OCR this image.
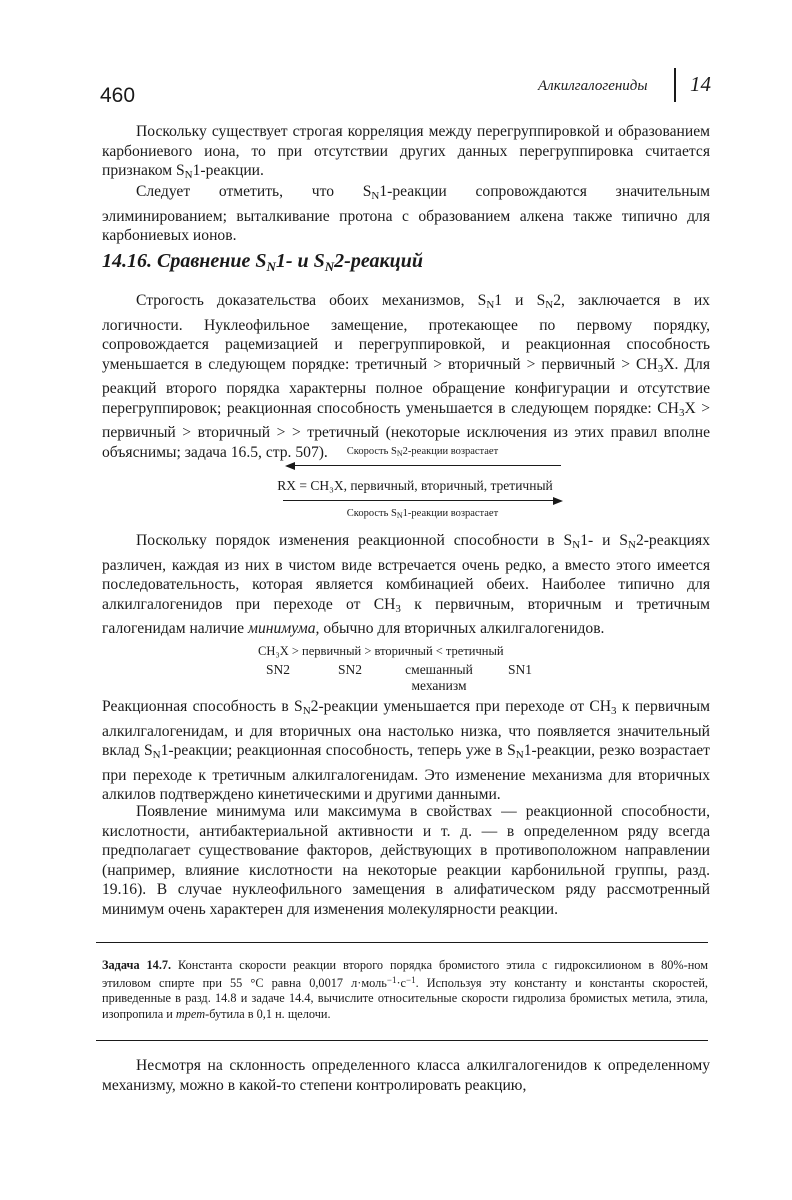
460	Алкилгалогениды 14

Поскольку существует строгая корреляция между перегруппировкой и образованием карбониевого иона, то при отсутствии других данных перегруппировка считается признаком $S_N1$-реакции.

Следует отметить, что $S_N1$-реакции сопровождаются значительным элиминированием; выталкивание протона с образованием алкена также типично для карбониевых ионов.

14.16. Сравнение $S_N1-$ и $S_N2$-реакций

Строгость доказательства обоих механизмов, $S_N1$ и $S_N2$, заключается в их логичности. Нуклеофильное замещение, протекающее по первому порядку, сопровождается рацемизацией и перегруппировкой, и реакционная способность уменьшается в следующем порядке: третичный > вторичный > первичный > $CH_3X$. Для реакций второго порядка характерны полное обращение конфигурации и отсутствие перегруппировок; реакционная способность уменьшается в следующем порядке: $CH_3X$ > первичный > вторичный > > третичный (некоторые исключения из этих правил вполне объяснимы; задача 16.5, стр. 507).	Скорость SN2-реакции возрастает
RX = CH₃X, первичный, вторичный, третичный
Скорость SN1-реакции возрастает

Поскольку порядок изменения реакционной способности в $S_N1-$ и $S_N2$-реакциях различен, каждая из них в чистом виде встречается очень редко, а вместо этого имеется последовательность, которая является комбинацией обеих. Наиболее типично для алкилгалогенидов при переходе от $CH_3$ к первичным, вторичным и третичным галогенидам наличие минимума, обычно для вторичных алкилгалогенидов.

CH₃X > первичный > вторичный < третичный
SN2	SN2	смешанный
механизм
SN1

Реакционная способность в $S_N2$-реакции уменьшается при переходе от $CH_3$ к первичным алкилгалогенидам, и для вторичных она настолько низка, что появляется значительный вклад $S_N1$-реакции; реакционная способность, теперь уже в $S_N1$-реакции, резко возрастает при переходе к третичным алкилгалогенидам. Это изменение механизма для вторичных алкилов подтверждено кинетическими и другими данными.

Появление минимума или максимума в свойствах — реакционной способности, кислотности, антибактериальной активности и т. д. — в определенном ряду всегда предполагает существование факторов, действующих в противоположном направлении (например, влияние кислотности на некоторые реакции карбонильной группы, разд. 19.16). В случае нуклеофильного замещения в алифатическом ряду рассмотренный минимум очень характерен для изменения молекулярности реакции.

Задача 14.7. Константа скорости реакции второго порядка бромистого этила с гидроксилионом в 80%-ном этиловом спирте при 55 °С равна 0,0017 $л\cdot моль^{-1}\cdot с^{-1}$. Используя эту константу и константы скоростей, приведенные в разд. 14.8 и задаче 14.4, вычислите относительные скорости гидролиза бромистых метила, этила, изопропила и трет-бутила в 0,1 н. щелочи.

Несмотря на склонность определенного класса алкилгалогенидов к определенному механизму, можно в какой-то степени контролировать реакцию,
